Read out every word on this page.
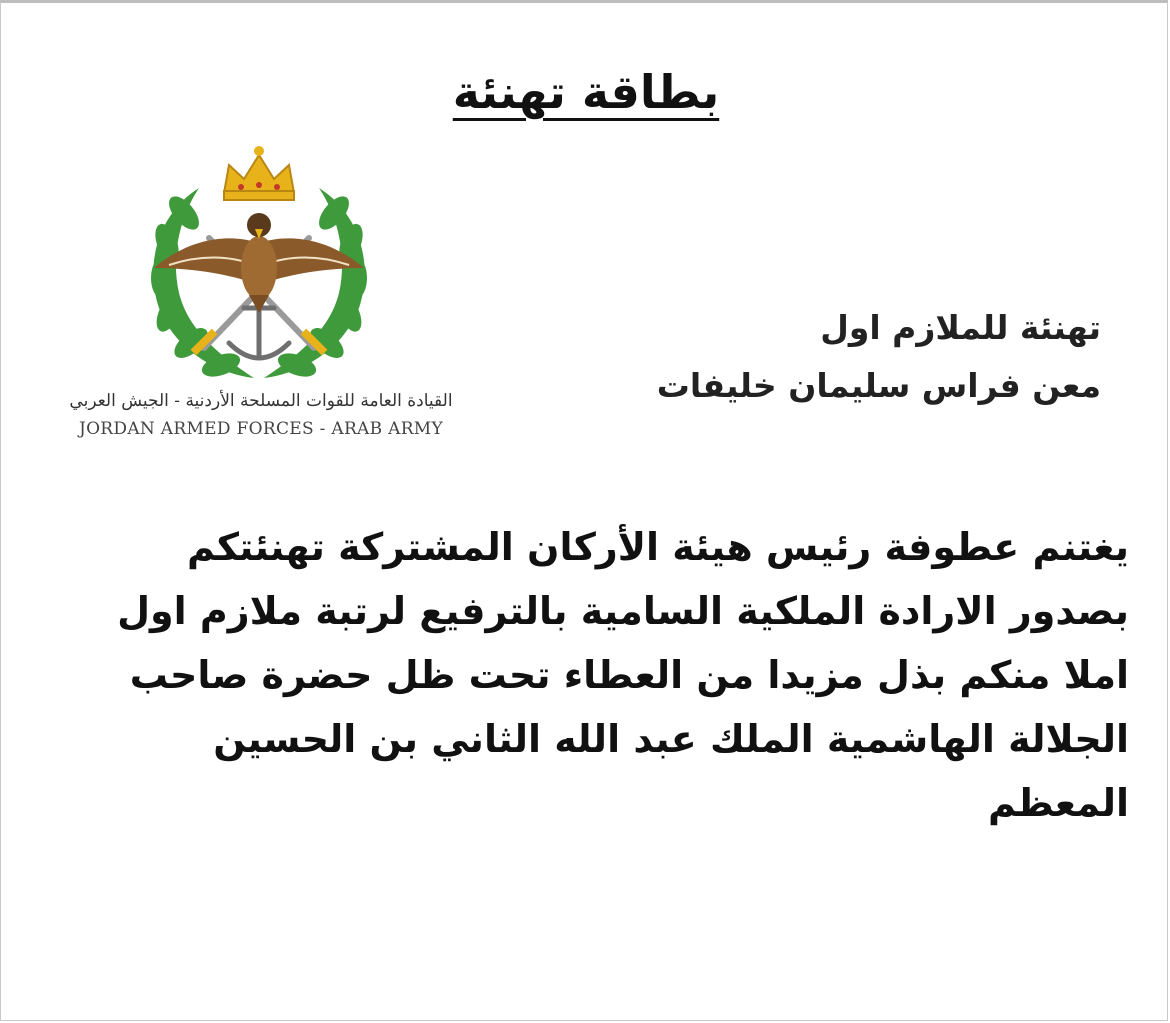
بطاقة تهنئة
القيادة العامة للقوات المسلحة الأردنية - الجيش العربي
JORDAN ARMED FORCES - ARAB ARMY
تهنئة للملازم اول
معن فراس سليمان خليفات
يغتنم عطوفة رئيس هيئة الأركان المشتركة تهنئتكم
بصدور الارادة الملكية السامية بالترفيع لرتبة ملازم اول
املا منكم بذل مزيدا من العطاء تحت ظل حضرة صاحب
الجلالة الهاشمية الملك عبد الله الثاني بن الحسين
المعظم
